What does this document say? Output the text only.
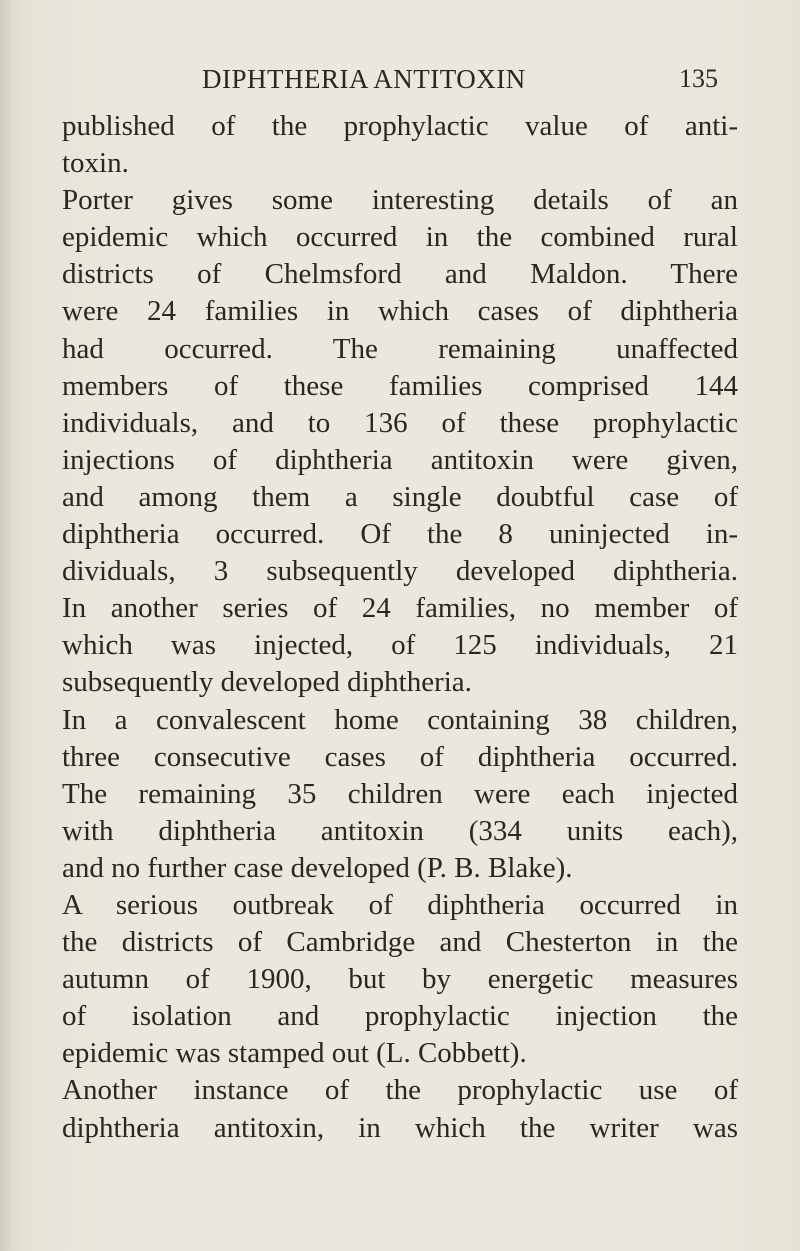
DIPHTHERIA ANTITOXIN	135
published of the prophylactic value of anti-
toxin.
Porter gives some interesting details of an
epidemic which occurred in the combined rural
districts of Chelmsford and Maldon. There
were 24 families in which cases of diphtheria
had occurred. The remaining unaffected
members of these families comprised 144
individuals, and to 136 of these prophylactic
injections of diphtheria antitoxin were given,
and among them a single doubtful case of
diphtheria occurred. Of the 8 uninjected in-
dividuals, 3 subsequently developed diphtheria.
In another series of 24 families, no member of
which was injected, of 125 individuals, 21
subsequently developed diphtheria.
In a convalescent home containing 38 children,
three consecutive cases of diphtheria occurred.
The remaining 35 children were each injected
with diphtheria antitoxin (334 units each),
and no further case developed (P. B. Blake).
A serious outbreak of diphtheria occurred in
the districts of Cambridge and Chesterton in the
autumn of 1900, but by energetic measures
of isolation and prophylactic injection the
epidemic was stamped out (L. Cobbett).
Another instance of the prophylactic use of
diphtheria antitoxin, in which the writer was
